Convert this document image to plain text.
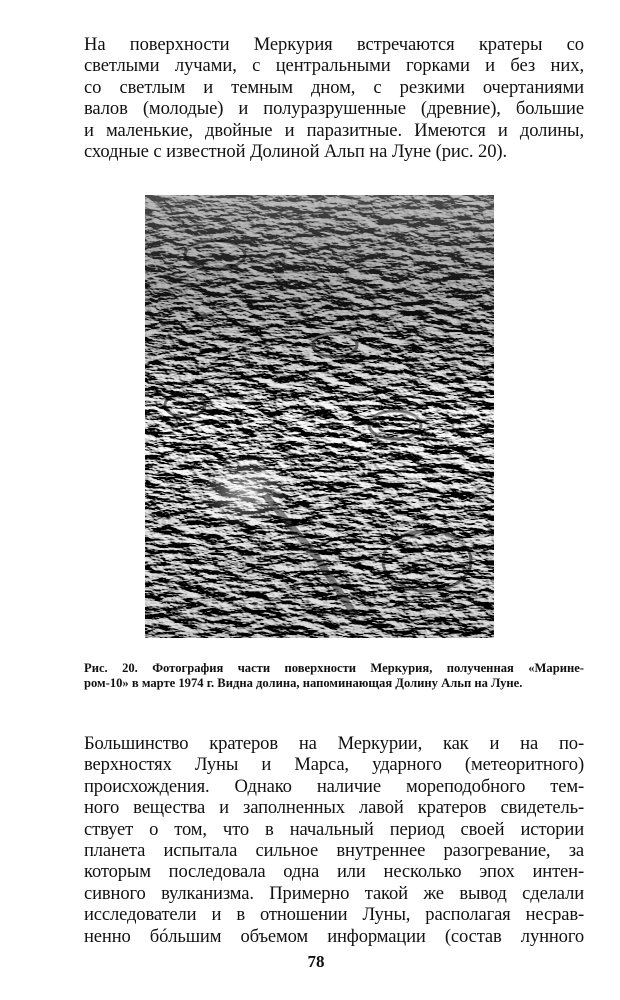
На поверхности Меркурия встречаются кратеры со
светлыми лучами, с центральными горками и без них,
со светлым и темным дном, с резкими очертаниями
валов (молодые) и полуразрушенные (древние), большие
и маленькие, двойные и паразитные. Имеются и долины,
сходные с известной Долиной Альп на Луне (рис. 20).
Рис. 20. Фотография части поверхности Меркурия, полученная «Марине-
ром-10» в марте 1974 г. Видна долина, напоминающая Долину Альп на Луне.
Большинство кратеров на Меркурии, как и на по-
верхностях Луны и Марса, ударного (метеоритного)
происхождения. Однако наличие мореподобного тем-
ного вещества и заполненных лавой кратеров свидетель-
ствует о том, что в начальный период своей истории
планета испытала сильное внутреннее разогревание, за
которым последовала одна или несколько эпох интен-
сивного вулканизма. Примерно такой же вывод сделали
исследователи и в отношении Луны, располагая несрав-
ненно бóльшим объемом информации (состав лунного
78
